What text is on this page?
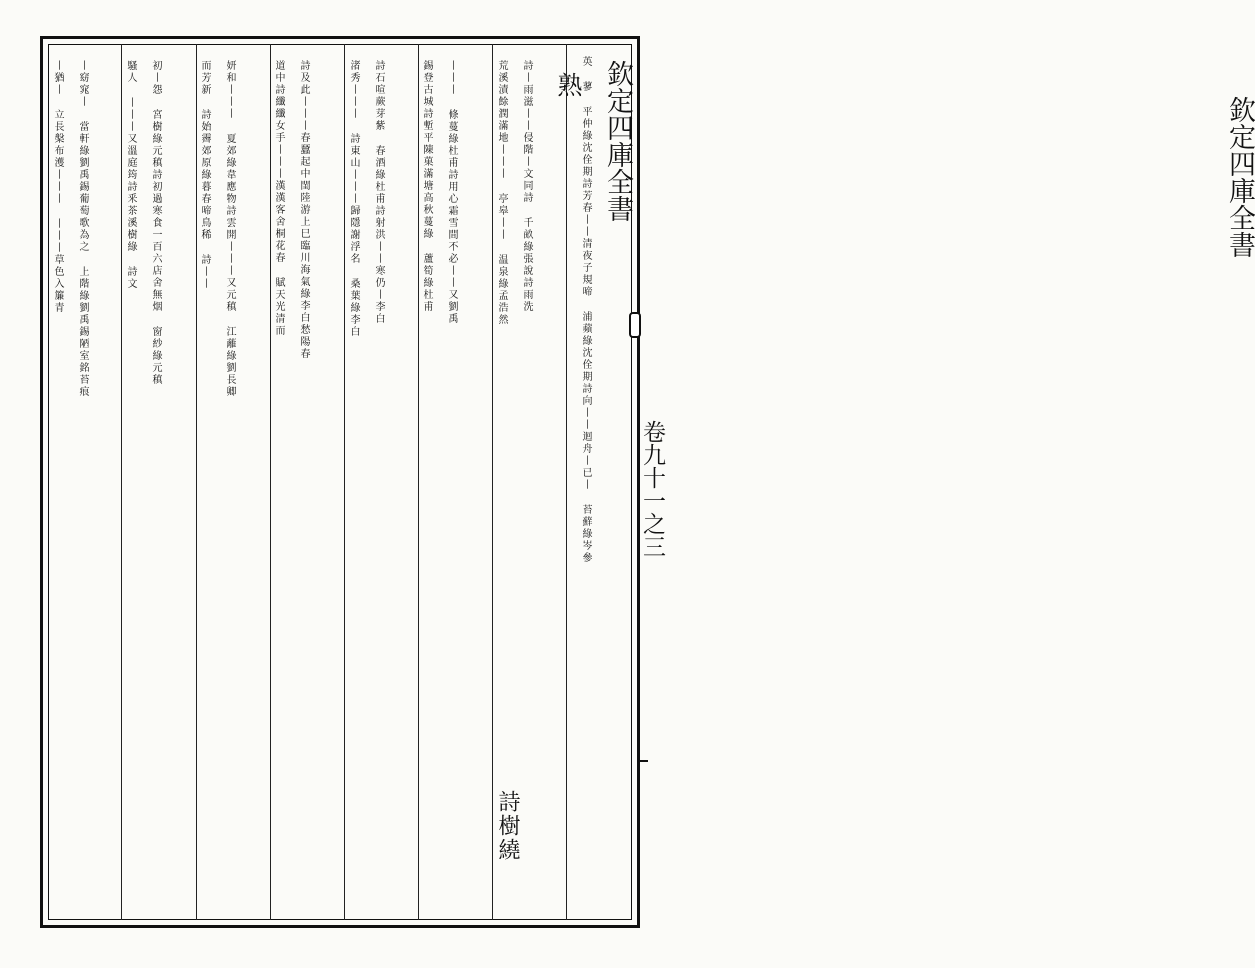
欽定四庫全書
欽定四庫全書
卷九十一之三
英 蓼 平仲綠沈佺期詩芳春丨丨清夜子規啼 浦蘋綠沈佺期詩向丨丨迴舟丨已丨 苔蘚綠岑參
熟
詩丨雨滋丨丨侵階丨文同詩 千畝綠張說詩雨洗
荒溪漬餘潤滿地丨丨丨 亭皋丨丨 温泉綠孟浩然
詩樹繞
丨丨丨 條蔓綠杜甫詩用心霜雪間不必丨丨又劉禹
錫登古城詩塹平陳菓滿塘高秋蔓綠 蘆筍綠杜甫
詩石喧蕨芽紫 春酒綠杜甫詩射洪丨丨寒仍丨李白
渚秀丨丨丨 詩東山丨丨丨歸隱謝浮名 桑葉綠李白
詩及此丨丨丨春蠶起中閨陸游上巳臨川海氣綠李白愁陽春
道中詩纖纖女手丨丨丨漢漢客舍桐花春 賦天光清而
妍和丨丨丨 夏郊綠韋應物詩雲開丨丨丨又元稹 江蘺綠劉長卿
而芳新 詩始霽郊原綠暮春啼鳥稀 詩丨丨
初丨怨 宮樹綠元稹詩初過寒食一百六店舍無烟 窗紗綠元稹
騷人 丨丨丨又溫庭筠詩釆茶溪樹綠 詩文
丨窈窕丨 當軒綠劉禹錫葡萄歌為之 上階綠劉禹錫陋室銘苔痕
丨猶丨 立長槃布濩丨丨丨 丨丨丨草色入簾青
